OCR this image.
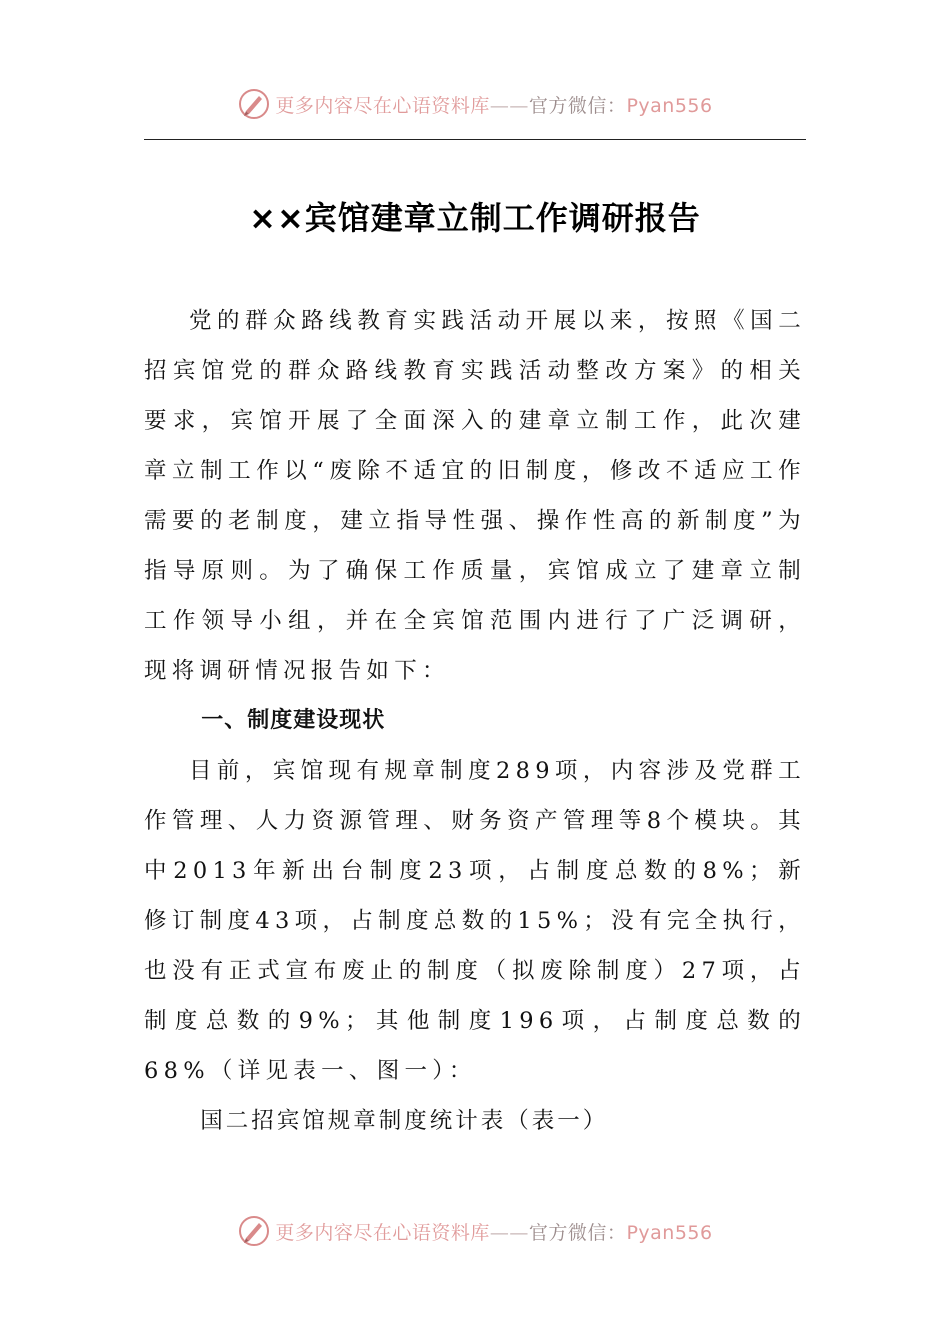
更多内容尽在心语资料库——官方微信：Pyan556
××宾馆建章立制工作调研报告

党的群众路线教育实践活动开展以来，按照《国二招宾馆党的群众路线教育实践活动整改方案》的相关要求，宾馆开展了全面深入的建章立制工作，此次建章立制工作以“废除不适宜的旧制度，修改不适应工作需要的老制度，建立指导性强、操作性高的新制度”为指导原则。为了确保工作质量，宾馆成立了建章立制工作领导小组，并在全宾馆范围内进行了广泛调研，现将调研情况报告如下：

一、制度建设现状

目前，宾馆现有规章制度289项，内容涉及党群工作管理、人力资源管理、财务资产管理等8个模块。其中2013年新出台制度23项，占制度总数的8%；新修订制度43项，占制度总数的15%；没有完全执行，也没有正式宣布废止的制度（拟废除制度）27项，占制度总数的9%；其他制度196项，占制度总数的68%（详见表一、图一）：

国二招宾馆规章制度统计表（表一）

更多内容尽在心语资料库——官方微信：Pyan556
